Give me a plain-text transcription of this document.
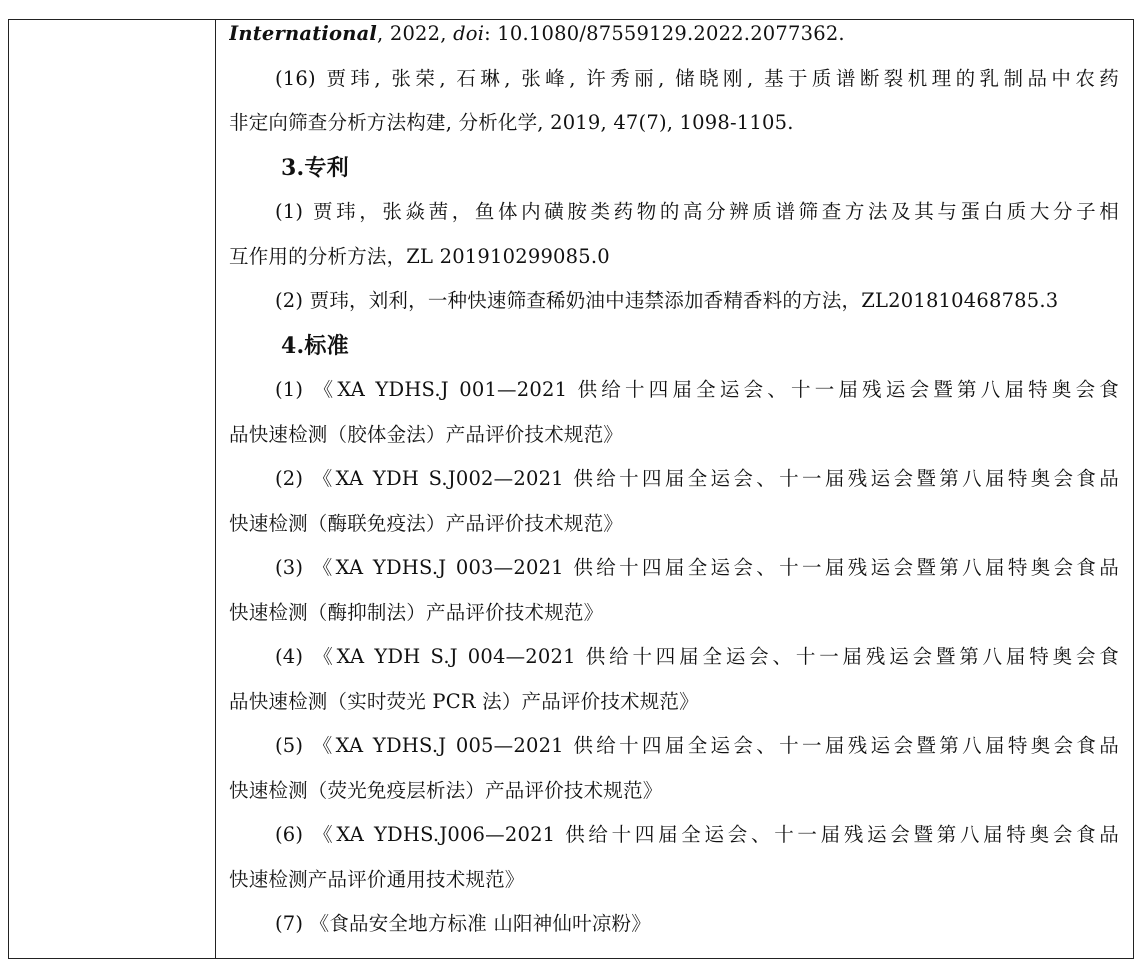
International, 2022, doi: 10.1080/87559129.2022.2077362.
(16) 贾玮, 张荣, 石琳, 张峰, 许秀丽, 储晓刚, 基于质谱断裂机理的乳制品中农药
非定向筛查分析方法构建, 分析化学, 2019, 47(7), 1098-1105.
3.专利
(1) 贾玮，张焱茜，鱼体内磺胺类药物的高分辨质谱筛查方法及其与蛋白质大分子相
互作用的分析方法，ZL 201910299085.0
(2) 贾玮，刘利，一种快速筛查稀奶油中违禁添加香精香料的方法，ZL201810468785.3
4.标准
(1) 《XA YDHS.J 001—2021 供给十四届全运会、十一届残运会暨第八届特奥会食
品快速检测（胶体金法）产品评价技术规范》
(2) 《XA YDH S.J002—2021 供给十四届全运会、十一届残运会暨第八届特奥会食品
快速检测（酶联免疫法）产品评价技术规范》
(3) 《XA YDHS.J 003—2021 供给十四届全运会、十一届残运会暨第八届特奥会食品
快速检测（酶抑制法）产品评价技术规范》
(4) 《XA YDH S.J 004—2021 供给十四届全运会、十一届残运会暨第八届特奥会食
品快速检测（实时荧光 PCR 法）产品评价技术规范》
(5) 《XA YDHS.J 005—2021 供给十四届全运会、十一届残运会暨第八届特奥会食品
快速检测（荧光免疫层析法）产品评价技术规范》
(6) 《XA YDHS.J006—2021 供给十四届全运会、十一届残运会暨第八届特奥会食品
快速检测产品评价通用技术规范》
(7) 《食品安全地方标准 山阳神仙叶凉粉》
